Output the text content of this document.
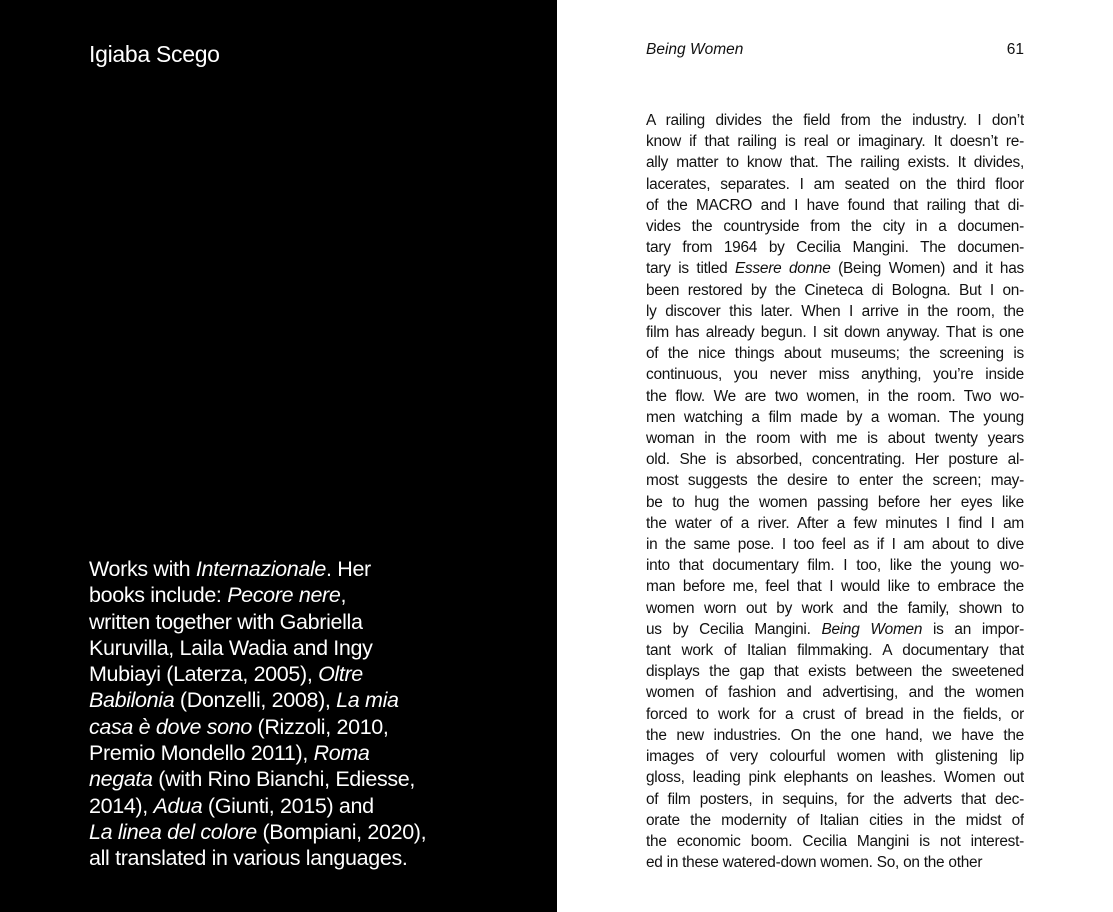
Igiaba Scego
Works with Internazionale. Her
books include: Pecore nere,
written together with Gabriella
Kuruvilla, Laila Wadia and Ingy
Mubiayi (Laterza, 2005), Oltre
Babilonia (Donzelli, 2008), La mia
casa è dove sono (Rizzoli, 2010,
Premio Mondello 2011), Roma
negata (with Rino Bianchi, Ediesse,
2014), Adua (Giunti, 2015) and
La linea del colore (Bompiani, 2020),
all translated in various languages.
Being Women	61
A railing divides the field from the industry. I don’t
know if that railing is real or imaginary. It doesn’t re-
ally matter to know that. The railing exists. It divides,
lacerates, separates. I am seated on the third floor
of the MACRO and I have found that railing that di-
vides the countryside from the city in a documen-
tary from 1964 by Cecilia Mangini. The documen-
tary is titled Essere donne (Being Women) and it has
been restored by the Cineteca di Bologna. But I on-
ly discover this later. When I arrive in the room, the
film has already begun. I sit down anyway. That is one
of the nice things about museums; the screening is
continuous, you never miss anything, you’re inside
the flow. We are two women, in the room. Two wo-
men watching a film made by a woman. The young
woman in the room with me is about twenty years
old. She is absorbed, concentrating. Her posture al-
most suggests the desire to enter the screen; may-
be to hug the women passing before her eyes like
the water of a river. After a few minutes I find I am
in the same pose. I too feel as if I am about to dive
into that documentary film. I too, like the young wo-
man before me, feel that I would like to embrace the
women worn out by work and the family, shown to
us by Cecilia Mangini. Being Women is an impor-
tant work of Italian filmmaking. A documentary that
displays the gap that exists between the sweetened
women of fashion and advertising, and the women
forced to work for a crust of bread in the fields, or
the new industries. On the one hand, we have the
images of very colourful women with glistening lip
gloss, leading pink elephants on leashes. Women out
of film posters, in sequins, for the adverts that dec-
orate the modernity of Italian cities in the midst of
the economic boom. Cecilia Mangini is not interest-
ed in these watered-down women. So, on the other
